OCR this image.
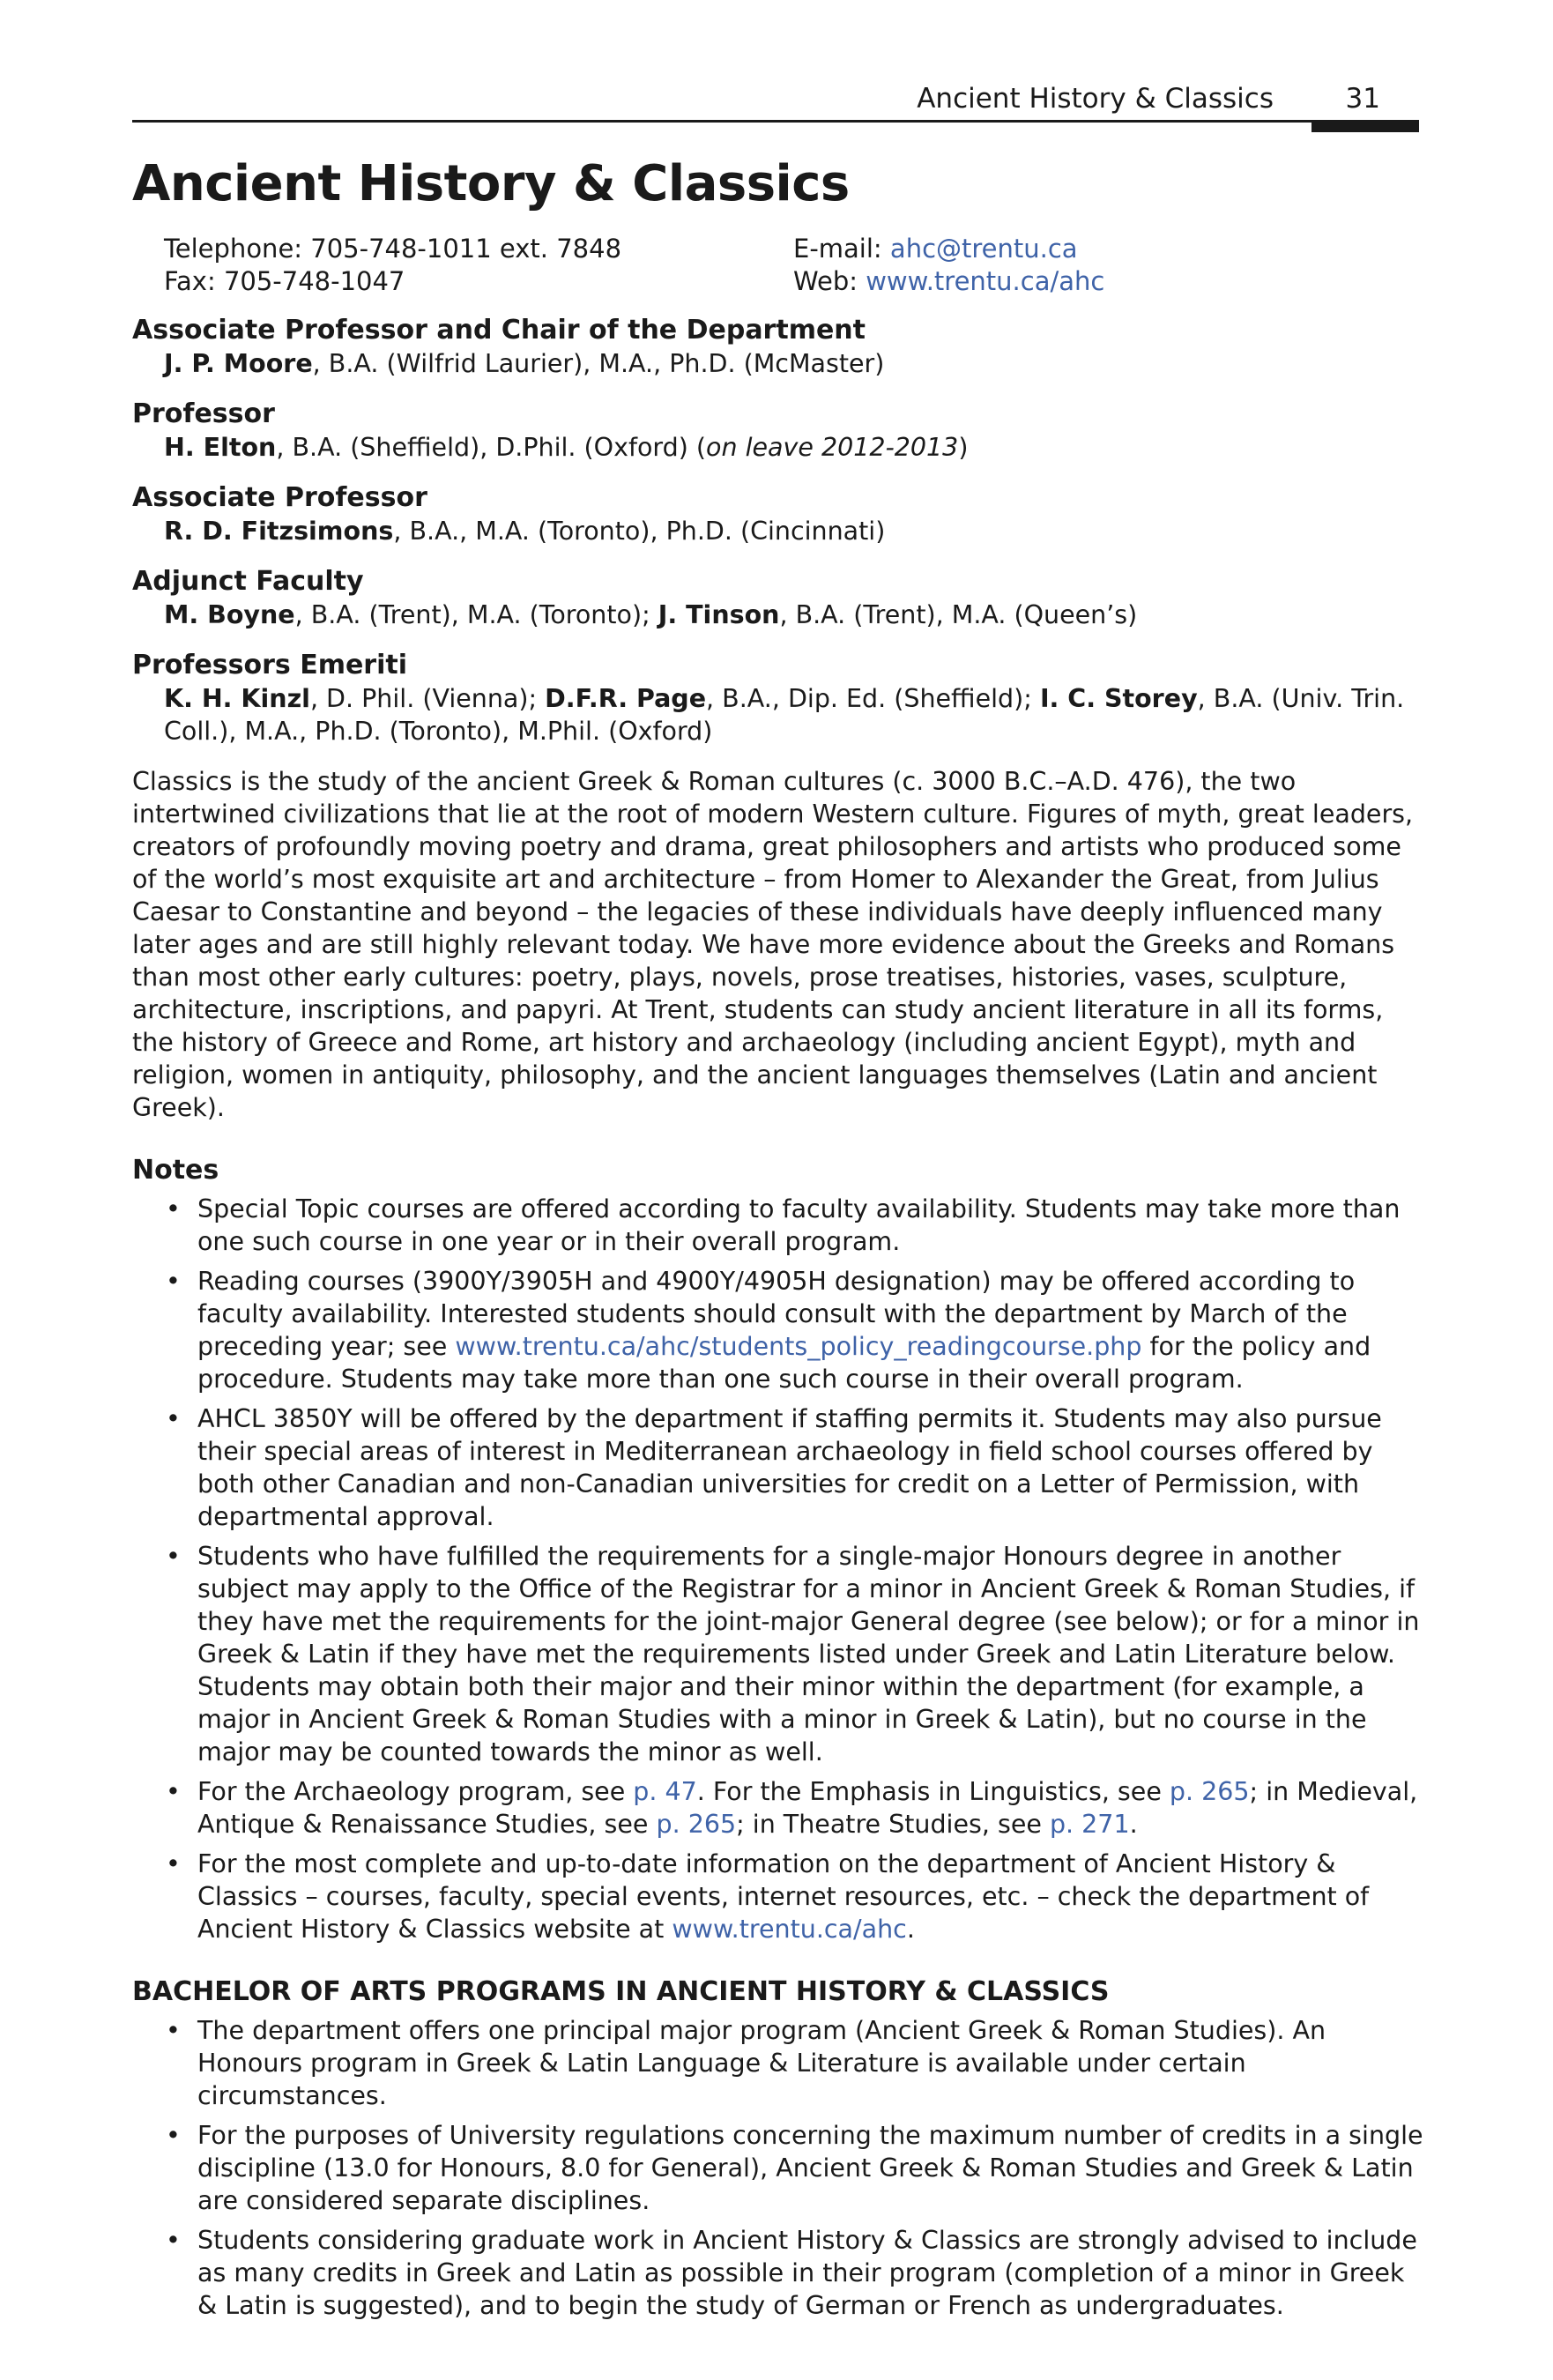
Ancient History & Classics	31
Ancient History & Classics
Telephone: 705-748-1011 ext. 7848
Fax: 705-748-1047
E-mail: ahc@trentu.ca
Web: www.trentu.ca/ahc
Associate Professor and Chair of the Department
J. P. Moore, B.A. (Wilfrid Laurier), M.A., Ph.D. (McMaster)
Professor
H. Elton, B.A. (Sheffield), D.Phil. (Oxford) (on leave 2012-2013)
Associate Professor
R. D. Fitzsimons, B.A., M.A. (Toronto), Ph.D. (Cincinnati)
Adjunct Faculty
M. Boyne, B.A. (Trent), M.A. (Toronto); J. Tinson, B.A. (Trent), M.A. (Queen’s)
Professors Emeriti
K. H. Kinzl, D. Phil. (Vienna); D.F.R. Page, B.A., Dip. Ed. (Sheffield); I. C. Storey, B.A. (Univ. Trin. Coll.), M.A., Ph.D. (Toronto), M.Phil. (Oxford)

Classics is the study of the ancient Greek & Roman cultures (c. 3000 B.C.–A.D. 476), the two intertwined civilizations that lie at the root of modern Western culture. Figures of myth, great leaders, creators of profoundly moving poetry and drama, great philosophers and artists who produced some of the world’s most exquisite art and architecture – from Homer to Alexander the Great, from Julius Caesar to Constantine and beyond – the legacies of these individuals have deeply influenced many later ages and are still highly relevant today. We have more evidence about the Greeks and Romans than most other early cultures: poetry, plays, novels, prose treatises, histories, vases, sculpture, architecture, inscriptions, and papyri. At Trent, students can study ancient literature in all its forms, the history of Greece and Rome, art history and archaeology (including ancient Egypt), myth and religion, women in antiquity, philosophy, and the ancient languages themselves (Latin and ancient Greek).

Notes
• Special Topic courses are offered according to faculty availability. Students may take more than one such course in one year or in their overall program.
• Reading courses (3900Y/3905H and 4900Y/4905H designation) may be offered according to faculty availability. Interested students should consult with the department by March of the preceding year; see www.trentu.ca/ahc/students_policy_readingcourse.php for the policy and procedure. Students may take more than one such course in their overall program.
• AHCL 3850Y will be offered by the department if staffing permits it. Students may also pursue their special areas of interest in Mediterranean archaeology in field school courses offered by both other Canadian and non-Canadian universities for credit on a Letter of Permission, with departmental approval.
• Students who have fulfilled the requirements for a single-major Honours degree in another subject may apply to the Office of the Registrar for a minor in Ancient Greek & Roman Studies, if they have met the requirements for the joint-major General degree (see below); or for a minor in Greek & Latin if they have met the requirements listed under Greek and Latin Literature below. Students may obtain both their major and their minor within the department (for example, a major in Ancient Greek & Roman Studies with a minor in Greek & Latin), but no course in the major may be counted towards the minor as well.
• For the Archaeology program, see p. 47. For the Emphasis in Linguistics, see p. 265; in Medieval, Antique & Renaissance Studies, see p. 265; in Theatre Studies, see p. 271.
• For the most complete and up-to-date information on the department of Ancient History & Classics – courses, faculty, special events, internet resources, etc. – check the department of Ancient History & Classics website at www.trentu.ca/ahc.
BACHELOR OF ARTS PROGRAMS IN ANCIENT HISTORY & CLASSICS
• The department offers one principal major program (Ancient Greek & Roman Studies). An Honours program in Greek & Latin Language & Literature is available under certain circumstances.
• For the purposes of University regulations concerning the maximum number of credits in a single discipline (13.0 for Honours, 8.0 for General), Ancient Greek & Roman Studies and Greek & Latin are considered separate disciplines.
• Students considering graduate work in Ancient History & Classics are strongly advised to include as many credits in Greek and Latin as possible in their program (completion of a minor in Greek & Latin is suggested), and to begin the study of German or French as undergraduates.
